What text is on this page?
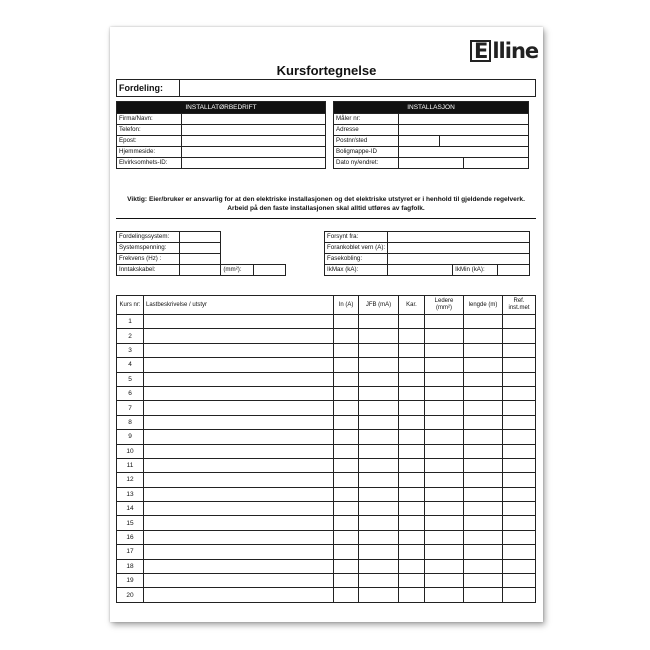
E lline
Kursfortegnelse
Fordeling:	
INSTALLATØRBEDRIFT	
Firma/Navn:	
Telefon:	
Epost:	
Hjemmeside:	
Elvirksomhets-ID:	
INSTALLASJON			
Måler nr:			
Adresse			
Postnr/sted			
Boligmappe-ID			
Dato ny/endret:			
Viktig: Eier/bruker er ansvarlig for at den elektriske installasjonen og det elektriske utstyret er i henhold til gjeldende regelverk. Arbeid på den faste installasjonen skal alltid utføres av fagfolk.
Fordelingssystem:			
Systemspenning:			
Frekvens (Hz) :			
Inntakskabel:		(mm²):	
Forsynt fra:			
Forankoblet vern (A):			
Fasekobling:			
IkMax (kA):		IkMin (kA):	
Kurs nr:	Lastbeskrivelse / utstyr	In (A)	JFB (mA)	Kar.	Ledere (mm²)	lengde (m)	Ref. inst.met
1							
2							
3							
4							
5							
6							
7							
8							
9							
10							
11							
12							
13							
14							
15							
16							
17							
18							
19							
20							
